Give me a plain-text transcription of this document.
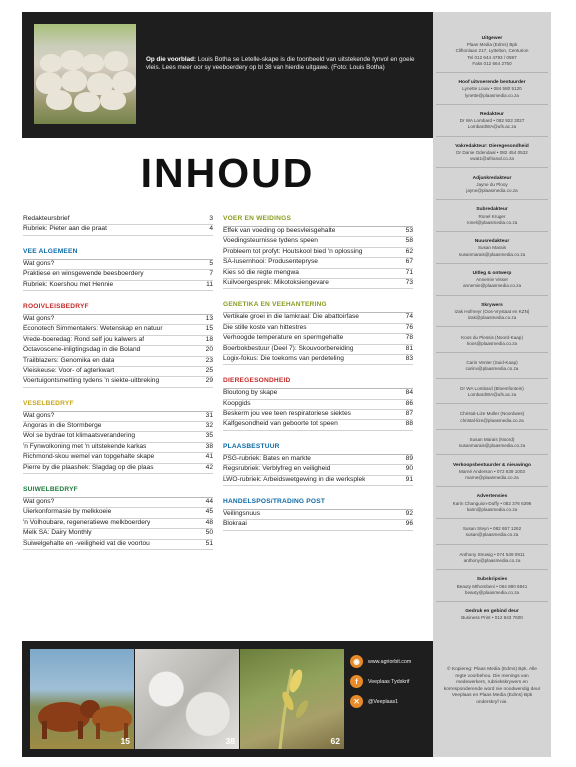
Op die voorblad: Louis Botha se Letelle-skape is die toonbeeld van uitstekende fynvol en goeie vleis. Lees meer oor sy veeboerdery op bl 38 van hierdie uitgawe. (Foto: Louis Botha)

Uitgewer
Plaas Media (Edms) Bpk
Cliftonlaan 217, Lyttelton, Centurion
Tel 012 644 4793 / 0597
Faks 012 664 2750
Hoof uitvoerende bestuurder
Lynette Louw • 084 580 5120
lynette@plaasmedia.co.za
Redakteur
Dr WA Lombard • 082 922 3027
LombardWA@ufs.ac.za
Vakredakteur: Dieregesondheid
Dr Danie Odendaal • 082 454 0532
vwat1@afrianal.co.za
Adjunkredakteur
Jayne du Plooy
jayne@plaasmedia.co.za
Subredakteur
Ronel Kruger
ronel@plaasmedia.co.za
Nuusredakteur
Susan Marais
susanmarais@plaasmedia.co.za
Uitleg & ontwerp
Annemie Visser
annemie@plaasmedia.co.za
Skrywers
Izak Hofmeyr (Oos-Vrystaat en KZN)
izak@plaasmedia.co.za
Koos du Plessis (Noord-Kaap)
koos@plaasmedia.co.za
Carin Venter (Suid-Kaap)
carinv@plaasmedia.co.za
Dr WA Lombard (Bloemfontein)
LombardWA@ufs.ac.za
Christal-Lize Muller (Noordwes)
christal-lize@plaasmedia.co.za
Susan Marais (Noord)
susanmarais@plaasmedia.co.za
Verkoopsbestuurder & nieuwingo
Marné Anderson • 072 639 1003
marne@plaasmedia.co.za
Advertensies
Karin Changuion-Duffy • 082 376 6396
karin@plaasmedia.co.za
Susan Steyn • 082 657 1262
susan@plaasmedia.co.za
Anthony Struwig • 074 549 0911
anthony@plaasmedia.co.za
Subskripsies
Beauty Mthombeni • 064 890 6841
beauty@plaasmedia.co.za
Gedruk en gebind deur
Business Print • 012 843 7600
INHOUD
Redakteursbrief	3
Rubriek: Pieter aan die praat	4
VEE ALGEMEEN
Wat gons?	5
Praktiese en winsgewende beesboerdery	7
Rubriek: Koershou met Hennie	11
ROOIVLEISBEDRYF
Wat gons?	13
Econotech Simmentalers: Wetenskap en natuur	15
Vrede-boeredag: Rond self jou kalwers af	18
Octavoscene-inligtingsdag in die Boland	20
Trailblazers: Genomika en data	23
Vleiskeuse: Voor- of agterkwart	25
Voertuigontsmetting tydens 'n siekte-uitbreking	29
VESELBEDRYF
Wat gons?	31
Angoras in die Stormberge	32
Wol se bydrae tot klimaatsverandering	35
'n Fynwolkoning met 'n uitstekende karkas	38
Richmond-skou wemel van topgehalte skape	41
Pierre by die plaashek: Slagdag op die plaas	42
SUIWELBEDRYF
Wat gons?	44
Uierkonformasie by melkkoeie	45
'n Volhoubare, regeneratiewe melkboerdery	48
Melk SA: Dairy Monthly	50
Suiwelgehalte en -veiligheid vat die voortou	51
VOER EN WEIDINGS
Effek van voeding op beesvleisgehalte	53
Voedingsteurnisse tydens speen	58
Probleem tot profyt: Houtskool bied 'n oplossing	62
SA-lusernhooi: Produsentepryse	67
Kies só die regte mengwa	71
Kuilvoergesprek: Mikotoksiengevare	73
GENETIKA EN VEEHANTERING
Vertikale groei in die lamkraal: Die abattoirfase	74
Die stille koste van hittestres	76
Verhoogde temperature en spermgehalte	78
Boerbokbestuur (Deel 7): Skouvoorbereiding	81
Logix-fokus: Die toekoms van perdeteling	83
DIEREGESONDHEID
Bloutong by skape	84
Koopgids	86
Beskerm jou vee teen respiratoriese siektes	87
Kalfgesondheid van geboorte tot speen	88
PLAASBESTUUR
PSG-rubriek: Bates en markte	89
Regsrubriek: Verblyfreg en veiligheid	90
LWO-rubriek: Arbeidswetgewing in die werksplek	91
HANDELSPOS/TRADING POST
Veilingsnuus	92
Blokraai	96
15	38	62
◉	www.agriorbit.com
f	Veeplaas Tydskrif
✕	@Veeplaas1

© Kopiereg: Plaas Media (Edms) Bpk. Alle regte voorbehou. Die menings van medewerkers, rubriekskrywers en korresponderende word nie noodwendig deur Veeplaas en Plaas Media (Edms) Bpk onderskryf nie.
